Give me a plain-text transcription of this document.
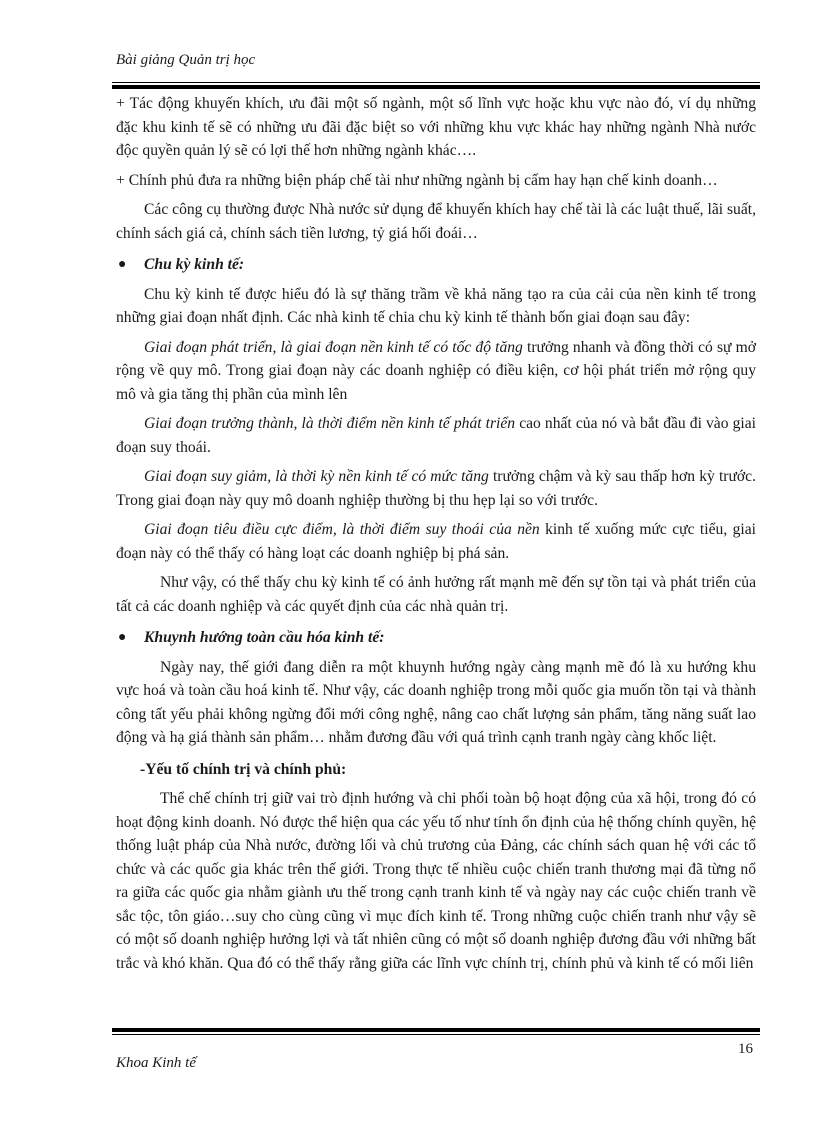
Bài giảng Quản trị học

+ Tác động khuyến khích, ưu đãi một số ngành, một số lĩnh vực hoặc khu vực nào đó, ví dụ những đặc khu kinh tế sẽ có những ưu đãi đặc biệt so với những khu vực khác hay những ngành Nhà nước độc quyền quản lý sẽ có lợi thế hơn những ngành khác….

+ Chính phủ đưa ra những biện pháp chế tài như những ngành bị cấm hay hạn chế kinh doanh…

Các công cụ thường được Nhà nước sử dụng để khuyến khích hay chế tài là các luật thuế, lãi suất, chính sách giá cả, chính sách tiền lương, tỷ giá hối đoái…

●	Chu kỳ kinh tế:

Chu kỳ kinh tế được hiểu đó là sự thăng trầm về khả năng tạo ra của cải của nền kinh tế trong những giai đoạn nhất định. Các nhà kinh tế chia chu kỳ kinh tế thành bốn giai đoạn sau đây:

Giai đoạn phát triển, là giai đoạn nền kinh tế có tốc độ tăng trưởng nhanh và đồng thời có sự mở rộng về quy mô. Trong giai đoạn này các doanh nghiệp có điều kiện, cơ hội phát triển mở rộng quy mô và gia tăng thị phần của mình lên

Giai đoạn trưởng thành, là thời điểm nền kinh tế phát triển cao nhất của nó và bắt đầu đi vào giai đoạn suy thoái.

Giai đoạn suy giảm, là thời kỳ nền kinh tế có mức tăng trưởng chậm và kỳ sau thấp hơn kỳ trước. Trong giai đoạn này quy mô doanh nghiệp thường bị thu hẹp lại so với trước.

Giai đoạn tiêu điều cực điểm, là thời điểm suy thoái của nền kinh tế xuống mức cực tiểu, giai đoạn này có thể thấy có hàng loạt các doanh nghiệp bị phá sản.

Như vậy, có thể thấy chu kỳ kinh tế có ảnh hưởng rất mạnh mẽ đến sự tồn tại và phát triển của tất cả các doanh nghiệp và các quyết định của các nhà quản trị.

●	Khuynh hướng toàn cầu hóa kinh tế:

Ngày nay, thế giới đang diễn ra một khuynh hướng ngày càng mạnh mẽ đó là xu hướng khu vực hoá và toàn cầu hoá kinh tế. Như vậy, các doanh nghiệp trong mỗi quốc gia muốn tồn tại và thành công tất yếu phải không ngừng đổi mới công nghệ, nâng cao chất lượng sản phẩm, tăng năng suất lao động và hạ giá thành sản phẩm… nhằm đương đầu với quá trình cạnh tranh ngày càng khốc liệt.

-Yếu tố chính trị và chính phủ:

Thể chế chính trị giữ vai trò định hướng và chi phối toàn bộ hoạt động của xã hội, trong đó có hoạt động kinh doanh. Nó được thể hiện qua các yếu tố như tính ổn định của hệ thống chính quyền, hệ thống luật pháp của Nhà nước, đường lối và chủ trương của Đảng, các chính sách quan hệ với các tổ chức và các quốc gia khác trên thế giới. Trong thực tế nhiều cuộc chiến tranh thương mại đã từng nổ ra giữa các quốc gia nhằm giành ưu thế trong cạnh tranh kinh tế và ngày nay các cuộc chiến tranh về sắc tộc, tôn giáo…suy cho cùng cũng vì mục đích kinh tế. Trong những cuộc chiến tranh như vậy sẽ có một số doanh nghiệp hưởng lợi và tất nhiên cũng có một số doanh nghiệp đương đầu với những bất trắc và khó khăn. Qua đó có thể thấy rằng giữa các lĩnh vực chính trị, chính phủ và kinh tế có mối liên

16
Khoa Kinh tế
